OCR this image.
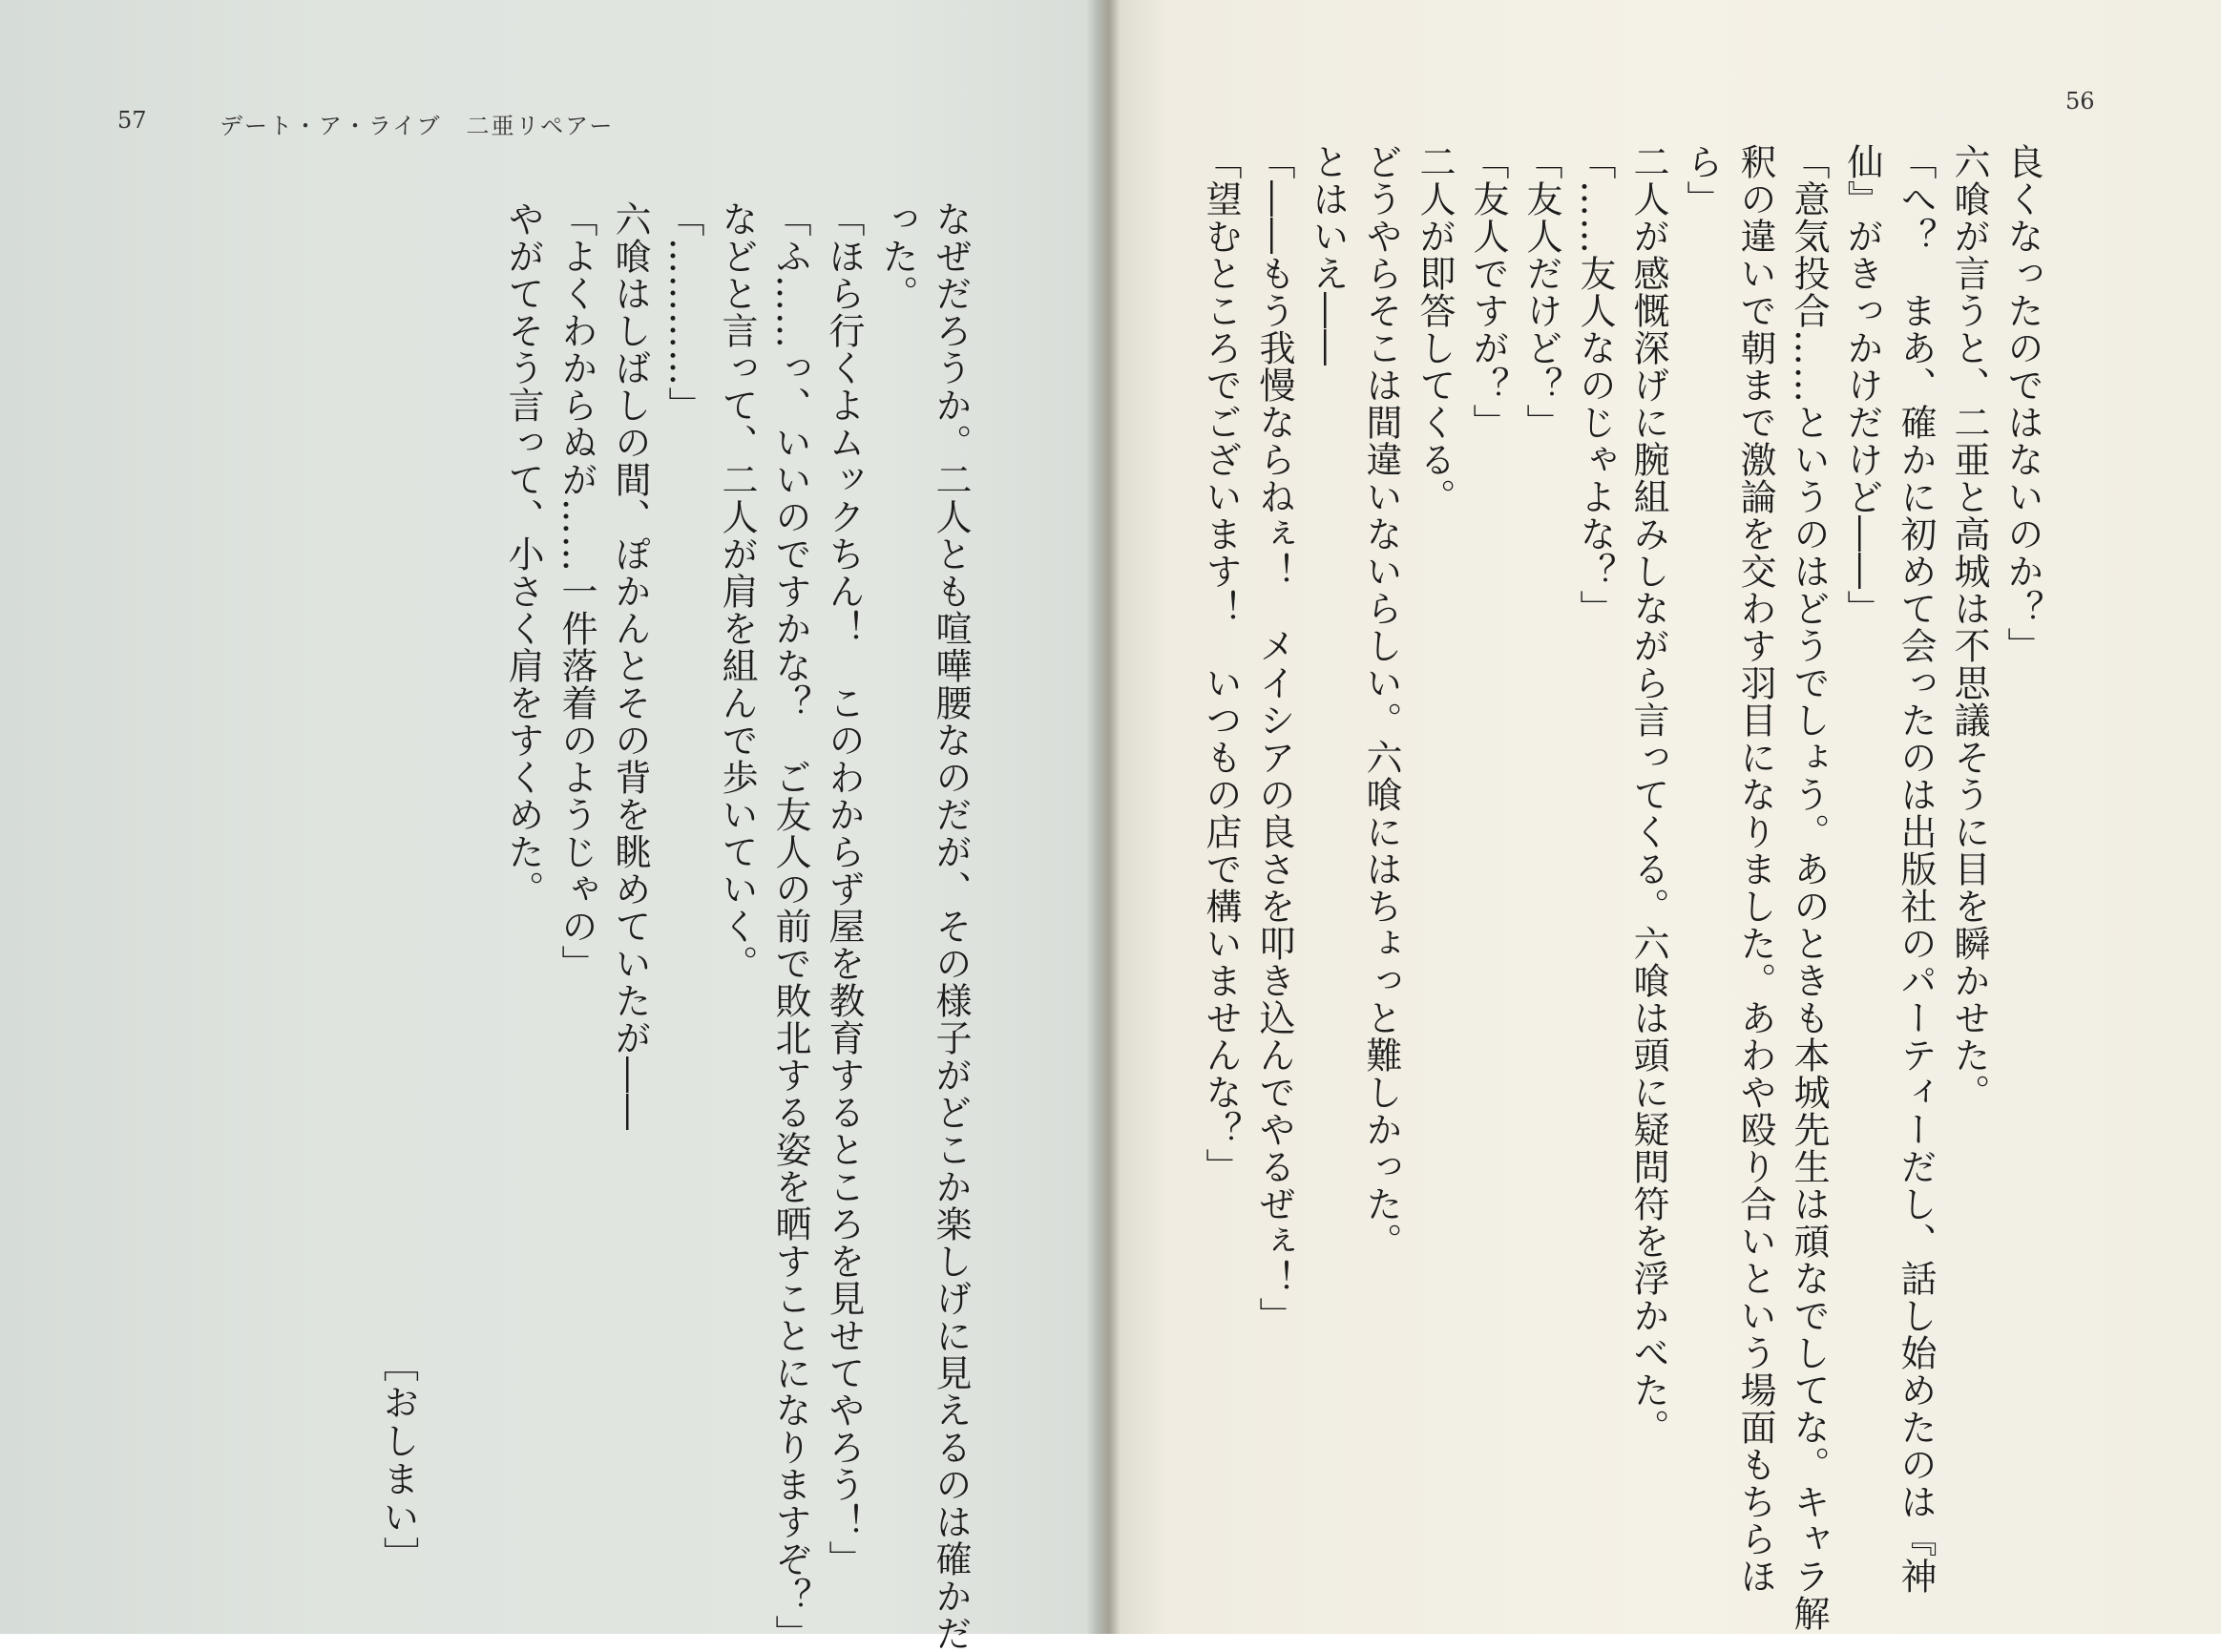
57	デート・ア・ライブ　二亜リペアー

なぜだろうか。二人とも喧嘩腰なのだが、その様子がどこか楽しげに見えるのは確かだ

った。

「ほら行くよムックちん！　このわからず屋を教育するところを見せてやろう！」

「ふ……っ、いいのですかな？　ご友人の前で敗北する姿を晒すことになりますぞ？」

などと言って、二人が肩を組んで歩いていく。

「…………」

六喰はしばしの間、ぽかんとその背を眺めていたが――

「よくわからぬが……一件落着のようじゃの」

やがてそう言って、小さく肩をすくめた。

［おしまい］
56

良くなったのではないのか？」

六喰が言うと、二亜と高城は不思議そうに目を瞬かせた。

「へ？　まあ、確かに初めて会ったのは出版社のパーティーだし、話し始めたのは『神

仙』がきっかけだけど――」

「意気投合……というのはどうでしょう。あのときも本城先生は頑なでしてな。キャラ解

釈の違いで朝まで激論を交わす羽目になりました。あわや殴り合いという場面もちらほ

ら」

二人が感慨深げに腕組みしながら言ってくる。六喰は頭に疑問符を浮かべた。

「……友人なのじゃよな？」

「友人だけど？」

「友人ですが？」

二人が即答してくる。

どうやらそこは間違いないらしい。六喰にはちょっと難しかった。

とはいえ――

「――もう我慢ならねぇ！　メイシアの良さを叩き込んでやるぜぇ！」

「望むところでございます！　いつもの店で構いませんな？」
